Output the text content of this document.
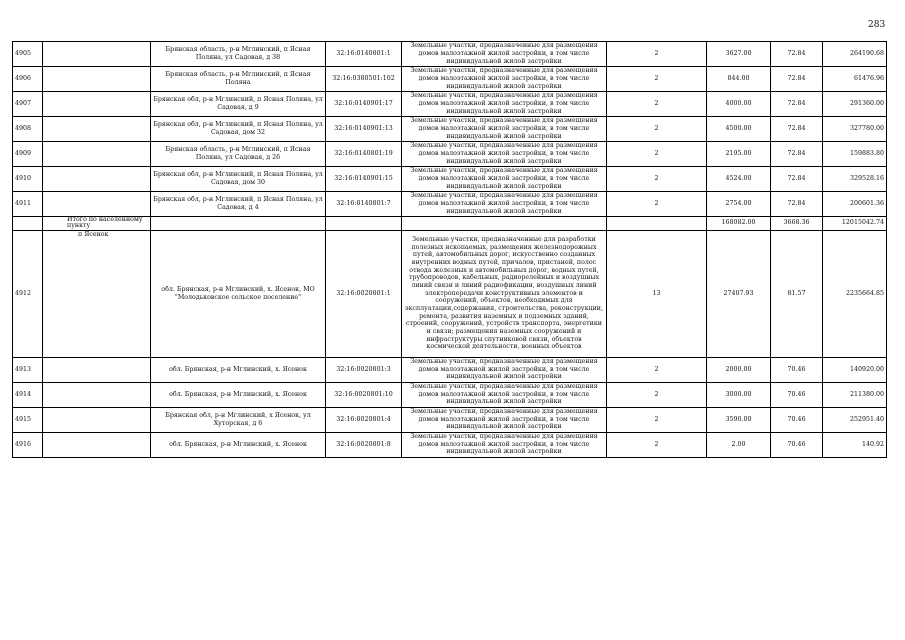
283
4905		Брянская область, р-н Мглинский, п Ясная Поляна, ул Садовая, д 38	32:16:0140801:1	Земельные участки, предназначенные для размещения домов малоэтажной жилой застройки, в том числе индивидуальной жилой застройки	2	3627.00	72.84	264190.68
4906		Брянская область, р-н Мглинский, п Ясная Поляна	32:16:0380501:102	Земельные участки, предназначенные для размещения домов малоэтажной жилой застройки, в том числе индивидуальной жилой застройки	2	844.00	72.84	61476.96
4907		Брянская обл, р-н Мглинский, п Ясная Поляна, ул Садовая, д 9	32:16:0140901:17	Земельные участки, предназначенные для размещения домов малоэтажной жилой застройки, в том числе индивидуальной жилой застройки	2	4000.00	72.84	291360.00
4908		Брянская обл, р-н Мглинский, п Ясная Поляна, ул Садовая, дом 32	32:16:0140901:13	Земельные участки, предназначенные для размещения домов малоэтажной жилой застройки, в том числе индивидуальной жилой застройки	2	4500.00	72.84	327780.00
4909		Брянская область, р-н Мглинский, п Ясная Поляна, ул Садовая, д 26	32:16:0140801:19	Земельные участки, предназначенные для размещения домов малоэтажной жилой застройки, в том числе индивидуальной жилой застройки	2	2195.00	72.84	159883.80
4910		Брянская обл, р-н Мглинский, п Ясная Поляна, ул Садовая, дом 30	32:16:0140901:15	Земельные участки, предназначенные для размещения домов малоэтажной жилой застройки, в том числе индивидуальной жилой застройки	2	4524.00	72.84	329528.16
4911		Брянская обл, р-н Мглинский, п Ясная Поляна, ул Садовая, д 4	32:16:0140801:7	Земельные участки, предназначенные для размещения домов малоэтажной жилой застройки, в том числе индивидуальной жилой застройки	2	2754.00	72.84	200601.36
	Итого по населенному пункту					168082.00	3668.36	12015042.74
4912	п Ясенок	обл. Брянская, р-н Мглинский, х. Ясенок, МО "Молодьковское сельское поселение"	32:16:0020801:1	Земельные участки, предназначенные для разработки полезных ископаемых, размещения железнодорожных путей, автомобильных дорог, искусственно созданных внутренних водных путей, причалов, пристаней, полос отвода железных и автомобильных дорог, водных путей, трубопроводов, кабельных, радиорелейных и воздушных линий связи и линий радиофикации, воздушных линий электропередачи конструктивных элементов и сооружений, объектов, необходимых для эксплуатации,содержания, строительства, реконструкции, ремонта, развития наземных и подземных зданий, строений, сооружений, устройств транспорта, энергетики и связи; размещения наземных сооружений и инфраструктуры спутниковой связи, объектов космической деятельности, военных объектов	13	27407.93	81.57	2235664.85
4913		обл. Брянская, р-н Мглинский, х. Ясенок	32:16:0020801:3	Земельные участки, предназначенные для размещения домов малоэтажной жилой застройки, в том числе индивидуальной жилой застройки	2	2000.00	70.46	140920.00
4914		обл. Брянская, р-н Мглинский, х. Ясенок	32:16:0020801:10	Земельные участки, предназначенные для размещения домов малоэтажной жилой застройки, в том числе индивидуальной жилой застройки	2	3000.00	70.46	211380.00
4915		Брянская обл, р-н Мглинский, х Ясенок, ул Хуторская, д 6	32:16:0020801:4	Земельные участки, предназначенные для размещения домов малоэтажной жилой застройки, в том числе индивидуальной жилой застройки	2	3590.00	70.46	252951.40
4916		обл. Брянская, р-н Мглинский, х. Ясенок	32:16:0020801:8	Земельные участки, предназначенные для размещения домов малоэтажной жилой застройки, в том числе индивидуальной жилой застройки	2	2.00	70.46	140.92
